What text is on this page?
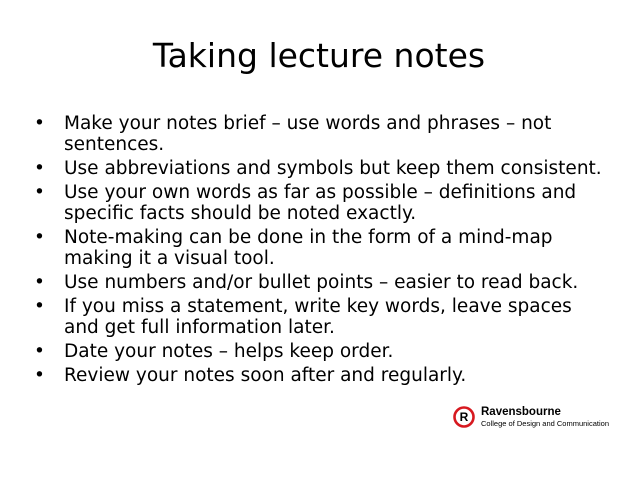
Taking lecture notes
•	Make your notes brief – use words and phrases – not sentences.
•	Use abbreviations and symbols but keep them consistent.
•	Use your own words as far as possible – definitions and specific facts should be noted exactly.
•	Note-making can be done in the form of a mind-map making it a visual tool.
•	Use numbers and/or bullet points – easier to read back.
•	If you miss a statement, write key words, leave spaces and get full information later.
•	Date your notes – helps keep order.
•	Review your notes soon after and regularly.
R Ravensbourne
College of Design and Communication
